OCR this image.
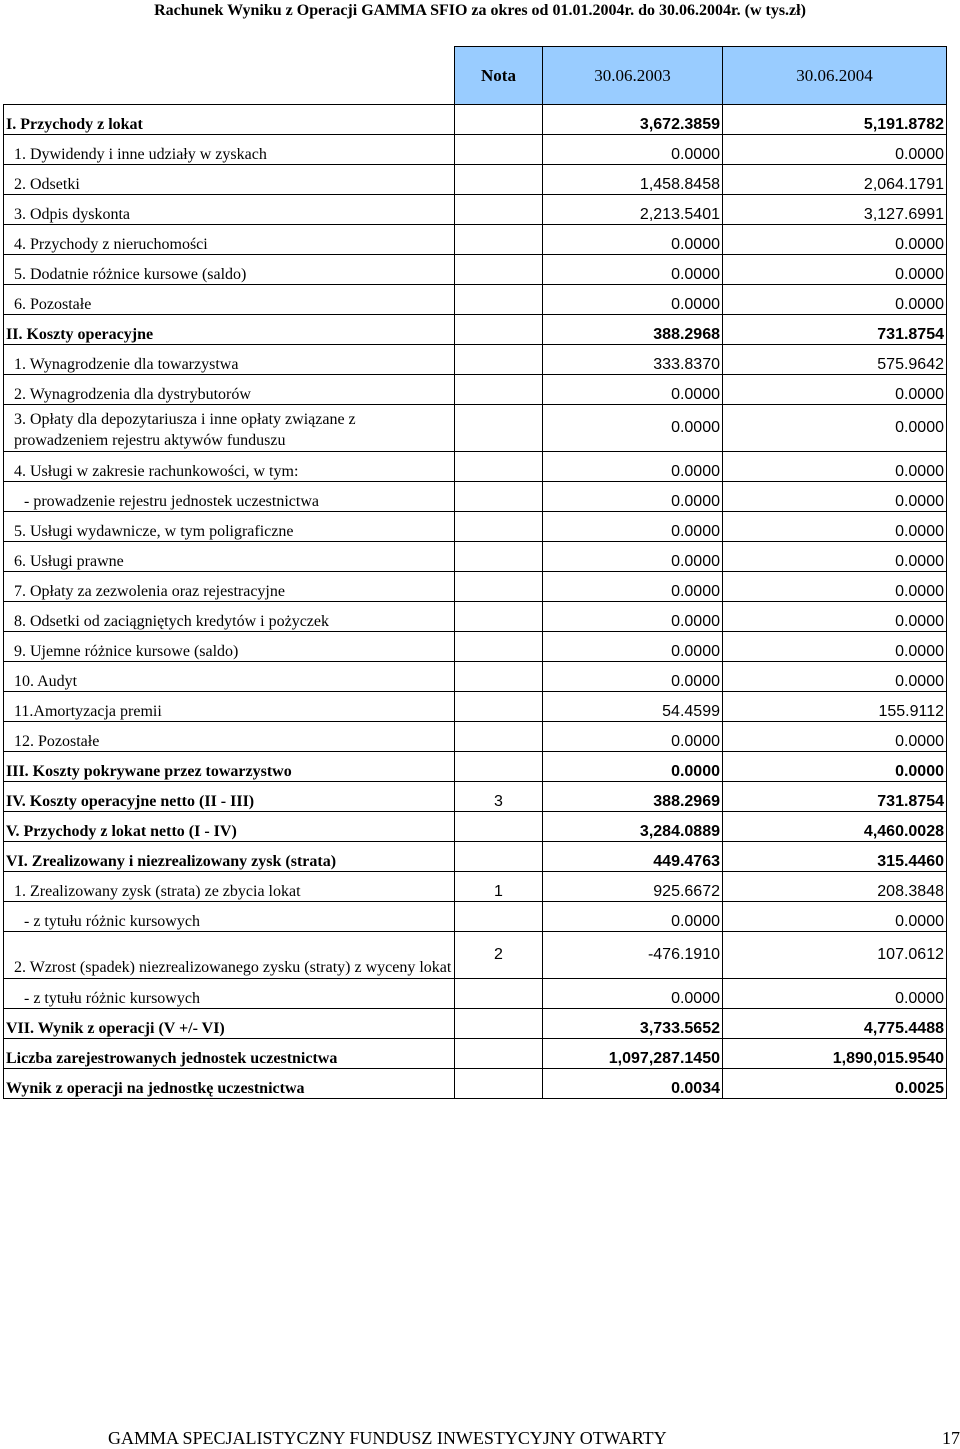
Rachunek Wyniku z Operacji GAMMA SFIO za okres od 01.01.2004r. do 30.06.2004r. (w tys.zł)
	Nota	30.06.2003	30.06.2004
I. Przychody z lokat		3,672.3859	5,191.8782
1. Dywidendy i inne udziały w zyskach		0.0000	0.0000
2. Odsetki		1,458.8458	2,064.1791
3. Odpis dyskonta		2,213.5401	3,127.6991
4. Przychody z nieruchomości		0.0000	0.0000
5. Dodatnie różnice kursowe (saldo)		0.0000	0.0000
6. Pozostałe		0.0000	0.0000
II. Koszty operacyjne		388.2968	731.8754
1. Wynagrodzenie dla towarzystwa		333.8370	575.9642
2. Wynagrodzenia dla dystrybutorów		0.0000	0.0000
3. Opłaty dla depozytariusza i inne opłaty związane z prowadzeniem rejestru aktywów funduszu		0.0000	0.0000
4. Usługi w zakresie rachunkowości, w tym:		0.0000	0.0000
- prowadzenie rejestru jednostek uczestnictwa		0.0000	0.0000
5. Usługi wydawnicze, w tym poligraficzne		0.0000	0.0000
6. Usługi prawne		0.0000	0.0000
7. Opłaty za zezwolenia oraz rejestracyjne		0.0000	0.0000
8. Odsetki od zaciągniętych kredytów i pożyczek		0.0000	0.0000
9. Ujemne różnice kursowe (saldo)		0.0000	0.0000
10. Audyt		0.0000	0.0000
11.Amortyzacja premii		54.4599	155.9112
12. Pozostałe		0.0000	0.0000
III. Koszty pokrywane przez towarzystwo		0.0000	0.0000
IV. Koszty operacyjne netto (II - III)	3	388.2969	731.8754
V. Przychody z lokat netto (I - IV)		3,284.0889	4,460.0028
VI. Zrealizowany i niezrealizowany zysk (strata)		449.4763	315.4460
1. Zrealizowany zysk (strata) ze zbycia lokat	1	925.6672	208.3848
- z tytułu różnic kursowych		0.0000	0.0000
2. Wzrost (spadek) niezrealizowanego zysku (straty) z wyceny lokat	2	-476.1910	107.0612
- z tytułu różnic kursowych		0.0000	0.0000
VII. Wynik z operacji (V +/- VI)		3,733.5652	4,775.4488
Liczba zarejestrowanych jednostek uczestnictwa		1,097,287.1450	1,890,015.9540
Wynik z operacji na jednostkę uczestnictwa		0.0034	0.0025
GAMMA SPECJALISTYCZNY FUNDUSZ INWESTYCYJNY OTWARTY	17
